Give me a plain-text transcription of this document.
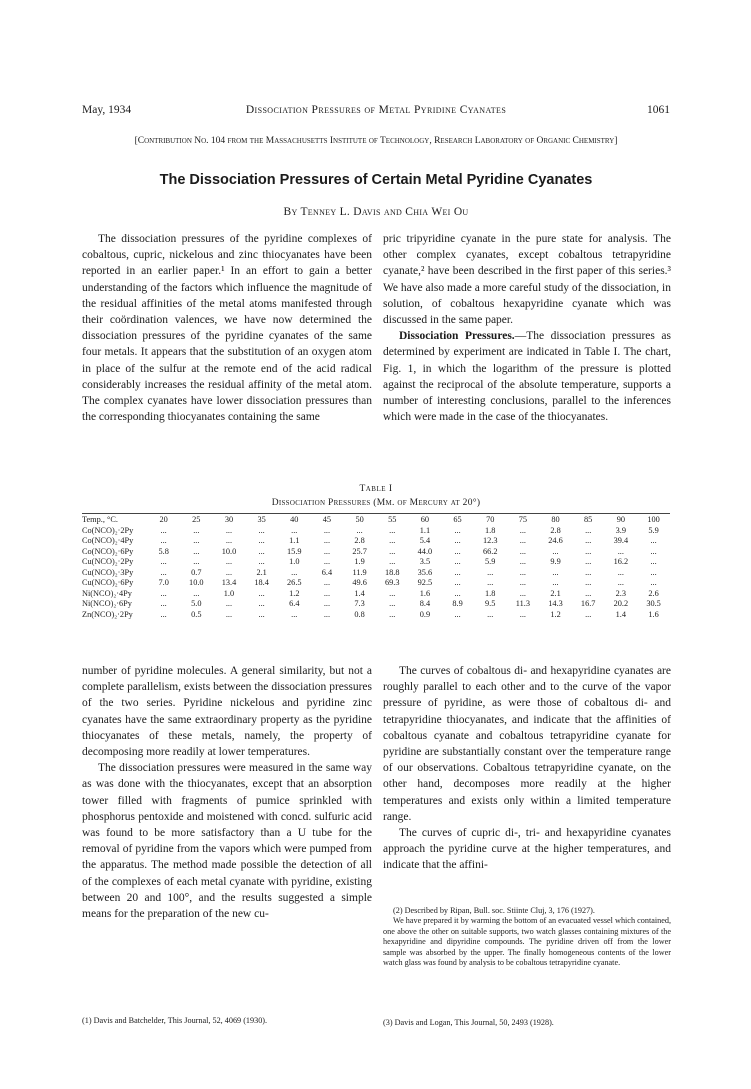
May, 1934	Dissociation Pressures of Metal Pyridine Cyanates	1061
[Contribution No. 104 from the Massachusetts Institute of Technology, Research Laboratory of Organic Chemistry]
The Dissociation Pressures of Certain Metal Pyridine Cyanates
By Tenney L. Davis and Chia Wei Ou

The dissociation pressures of the pyridine complexes of cobaltous, cupric, nickelous and zinc thiocyanates have been reported in an earlier paper.¹ In an effort to gain a better understanding of the factors which influence the magnitude of the residual affinities of the metal atoms manifested through their coördination valences, we have now determined the dissociation pressures of the pyridine cyanates of the same four metals. It appears that the substitution of an oxygen atom in place of the sulfur at the remote end of the acid radical considerably increases the residual affinity of the metal atom. The complex cyanates have lower dissociation pressures than the corresponding thiocyanates containing the same

pric tripyridine cyanate in the pure state for analysis. The other complex cyanates, except cobaltous tetrapyridine cyanate,² have been described in the first paper of this series.³ We have also made a more careful study of the dissociation, in solution, of cobaltous hexapyridine cyanate which was discussed in the same paper.

Dissociation Pressures.—The dissociation pressures as determined by experiment are indicated in Table I. The chart, Fig. 1, in which the logarithm of the pressure is plotted against the reciprocal of the absolute temperature, supports a number of interesting conclusions, parallel to the inferences which were made in the case of the thiocyanates.

Table I
Dissociation Pressures (Mm. of Mercury at 20°)
Temp., °C.	20	25	30	35	40	45	50	55	60	65	70	75	80	85	90	100
Co(NCO)₂·2Py	...	...	...	...	...	...	...	...	1.1	...	1.8	...	2.8	...	3.9	5.9
Co(NCO)₂·4Py	...	...	...	...	1.1	...	2.8	...	5.4	...	12.3	...	24.6	...	39.4	...
Co(NCO)₂·6Py	5.8	...	10.0	...	15.9	...	25.7	...	44.0	...	66.2	...	...	...	...	...
Cu(NCO)₂·2Py	...	...	...	...	1.0	...	1.9	...	3.5	...	5.9	...	9.9	...	16.2	...
Cu(NCO)₂·3Py	...	0.7	...	2.1	...	6.4	11.9	18.8	35.6	...	...	...	...	...	...	...
Cu(NCO)₂·6Py	7.0	10.0	13.4	18.4	26.5	...	49.6	69.3	92.5	...	...	...	...	...	...	...
Ni(NCO)₂·4Py	...	...	1.0	...	1.2	...	1.4	...	1.6	...	1.8	...	2.1	...	2.3	2.6
Ni(NCO)₂·6Py	...	5.0	...	...	6.4	...	7.3	...	8.4	8.9	9.5	11.3	14.3	16.7	20.2	30.5
Zn(NCO)₂·2Py	...	0.5	...	...	...	...	0.8	...	0.9	...	...	...	1.2	...	1.4	1.6

number of pyridine molecules. A general similarity, but not a complete parallelism, exists between the dissociation pressures of the two series. Pyridine nickelous and pyridine zinc cyanates have the same extraordinary property as the pyridine thiocyanates of these metals, namely, the property of decomposing more readily at lower temperatures.

The dissociation pressures were measured in the same way as was done with the thiocyanates, except that an absorption tower filled with fragments of pumice sprinkled with phosphorus pentoxide and moistened with concd. sulfuric acid was found to be more satisfactory than a U tube for the removal of pyridine from the vapors which were pumped from the apparatus. The method made possible the detection of all of the complexes of each metal cyanate with pyridine, existing between 20 and 100°, and the results suggested a simple means for the preparation of the new cu-

(1) Davis and Batchelder, This Journal, 52, 4069 (1930).

The curves of cobaltous di- and hexapyridine cyanates are roughly parallel to each other and to the curve of the vapor pressure of pyridine, as were those of cobaltous di- and tetrapyridine thiocyanates, and indicate that the affinities of cobaltous cyanate and cobaltous tetrapyridine cyanate for pyridine are substantially constant over the temperature range of our observations. Cobaltous tetrapyridine cyanate, on the other hand, decomposes more readily at the higher temperatures and exists only within a limited temperature range.

The curves of cupric di-, tri- and hexapyridine cyanates approach the pyridine curve at the higher temperatures, and indicate that the affini-

(2) Described by Ripan, Bull. soc. Stiinte Cluj, 3, 176 (1927).

We have prepared it by warming the bottom of an evacuated vessel which contained, one above the other on suitable supports, two watch glasses containing mixtures of the hexapyridine and dipyridine compounds. The pyridine driven off from the lower sample was absorbed by the upper. The finally homogeneous contents of the lower watch glass was found by analysis to be cobaltous tetrapyridine cyanate.

(3) Davis and Logan, This Journal, 50, 2493 (1928).
